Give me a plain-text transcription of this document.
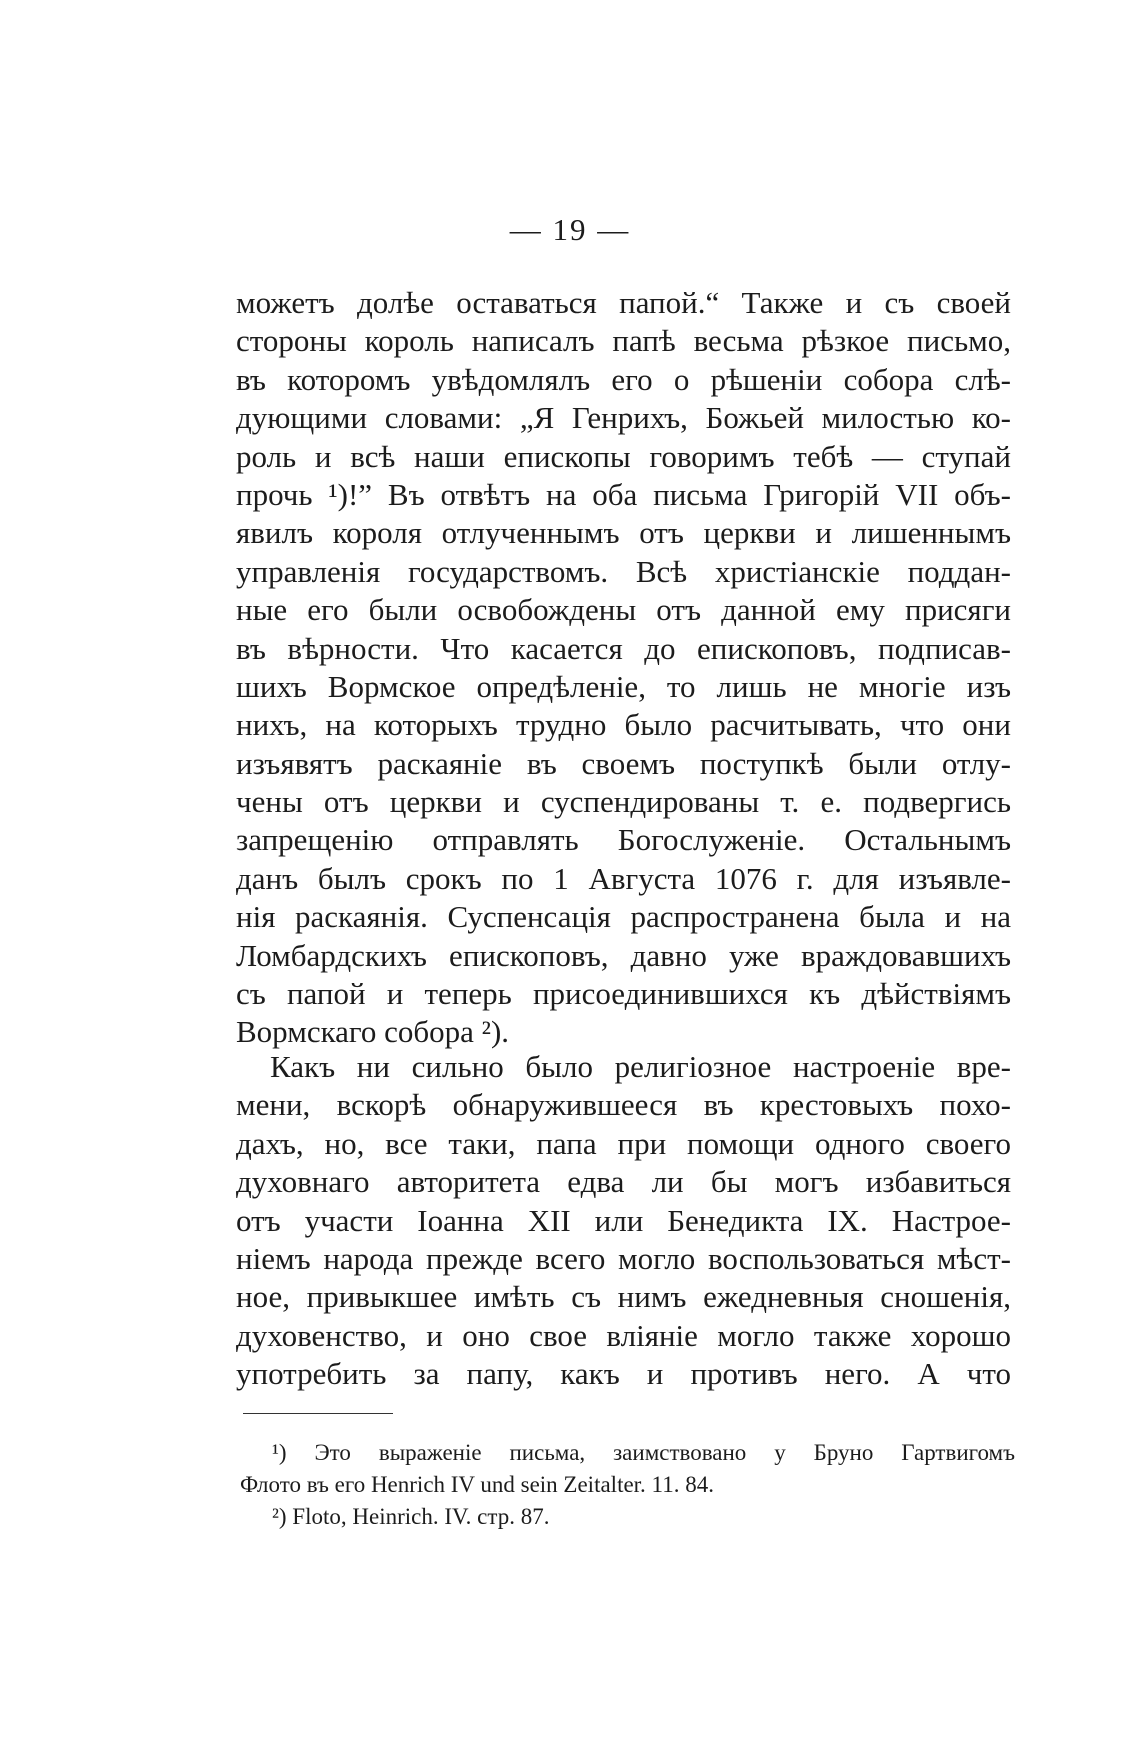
— 19 —
можетъ долѣе оставаться папой.“ Также и съ своей
стороны король написалъ папѣ весьма рѣзкое письмо,
въ которомъ увѣдомлялъ его о рѣшеніи собора слѣ-
дующими словами: „Я Генрихъ, Божьей милостью ко-
роль и всѣ наши епископы говоримъ тебѣ — ступай
прочь ¹)!” Въ отвѣтъ на оба письма Григорій VII объ-
явилъ короля отлученнымъ отъ церкви и лишеннымъ
управленія государствомъ. Всѣ христіанскіе поддан-
ные его были освобождены отъ данной ему присяги
въ вѣрности. Что касается до епископовъ, подписав-
шихъ Вормское опредѣленіе, то лишь не многіе изъ
нихъ, на которыхъ трудно было расчитывать, что они
изъявятъ раскаяніе въ своемъ поступкѣ были отлу-
чены отъ церкви и суспендированы т. е. подвергись
запрещенію отправлять Богослуженіе. Остальнымъ
данъ былъ срокъ по 1 Августа 1076 г. для изъявле-
нія раскаянія. Суспенсація распространена была и на
Ломбардскихъ епископовъ, давно уже враждовавшихъ
съ папой и теперь присоединившихся къ дѣйствіямъ
Вормскаго собора ²).
Какъ ни сильно было религіозное настроеніе вре-
мени, вскорѣ обнаружившееся въ крестовыхъ похо-
дахъ, но, все таки, папа при помощи одного своего
духовнаго авторитета едва ли бы могъ избавиться
отъ участи Іоанна XII или Бенедикта IX. Настрое-
ніемъ народа прежде всего могло воспользоваться мѣст-
ное, привыкшее имѣть съ нимъ ежедневныя сношенія,
духовенство, и оно свое вліяніе могло также хорошо
употребить за папу, какъ и противъ него. А что
¹) Это выраженіе письма, заимствовано у Бруно Гартвигомъ
Флото въ его Henrich IV und sein Zeitalter. 11. 84.
²) Floto, Heinrich. IV. стр. 87.
